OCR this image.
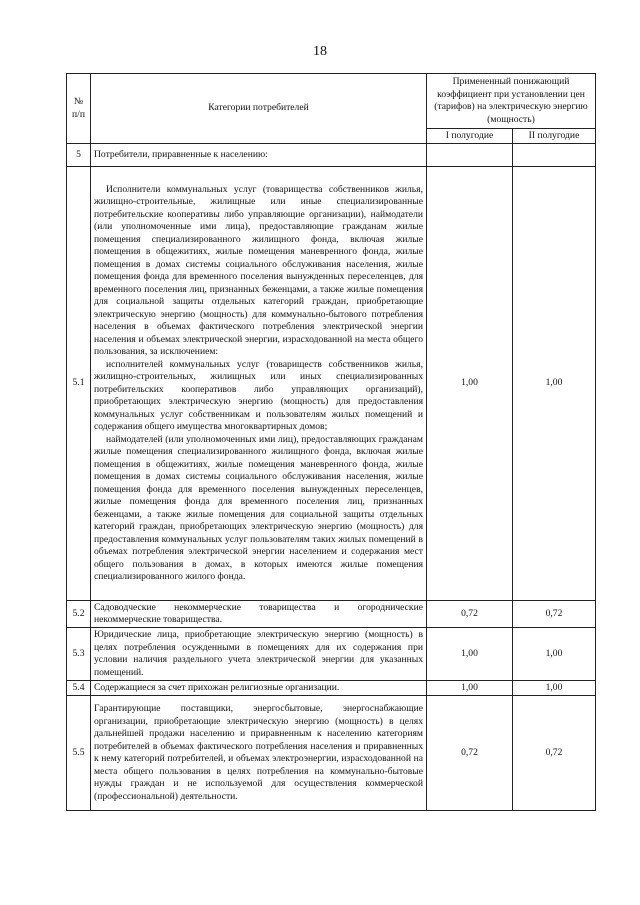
18
№ п/п	Категории потребителей	Примененный понижающий коэффициент при установлении цен (тарифов) на электрическую энергию (мощность)	
		I полугодие	II полугодие
5	Потребители, приравненные к населению:		
5.1	Исполнители коммунальных услуг (товарищества собственников жилья, жилищно-строительные, жилищные или иные специализированные потребительские кооперативы либо управляющие организации), наймодатели (или уполномоченные ими лица), предоставляющие гражданам жилые помещения специализированного жилищного фонда, включая жилые помещения в общежитиях, жилые помещения маневренного фонда, жилые помещения в домах системы социального обслуживания населения, жилые помещения фонда для временного поселения вынужденных переселенцев, для временного поселения лиц, признанных беженцами, а также жилые помещения для социальной защиты отдельных категорий граждан, приобретающие электрическую энергию (мощность) для коммунально-бытового потребления населения в объемах фактического потребления электрической энергии населения и объемах электрической энергии, израсходованной на места общего пользования, за исключением:

исполнителей коммунальных услуг (товариществ собственников жилья, жилищно-строительных, жилищных или иных специализированных потребительских кооперативов либо управляющих организаций), приобретающих электрическую энергию (мощность) для предоставления коммунальных услуг собственникам и пользователям жилых помещений и содержания общего имущества многоквартирных домов;

наймодателей (или уполномоченных ими лиц), предоставляющих гражданам жилые помещения специализированного жилищного фонда, включая жилые помещения в общежитиях, жилые помещения маневренного фонда, жилые помещения в домах системы социального обслуживания населения, жилые помещения фонда для временного поселения вынужденных переселенцев, жилые помещения фонда для временного поселения лиц, признанных беженцами, а также жилые помещения для социальной защиты отдельных категорий граждан, приобретающих электрическую энергию (мощность) для предоставления коммунальных услуг пользователям таких жилых помещений в объемах потребления электрической энергии населением и содержания мест общего пользования в домах, в которых имеются жилые помещения специализированного жилого фонда.	1,00	1,00
5.2	Садоводческие некоммерческие товарищества и огороднические некоммерческие товарищества.	0,72	0,72
5.3	Юридические лица, приобретающие электрическую энергию (мощность) в целях потребления осужденными в помещениях для их содержания при условии наличия раздельного учета электрической энергии для указанных помещений.	1,00	1,00
5.4	Содержащиеся за счет прихожан религиозные организации.	1,00	1,00
5.5	Гарантирующие поставщики, энергосбытовые, энергоснабжающие организации, приобретающие электрическую энергию (мощность) в целях дальнейшей продажи населению и приравненным к населению категориям потребителей в объемах фактического потребления населения и приравненных к нему категорий потребителей, и объемах электроэнергии, израсходованной на места общего пользования в целях потребления на коммунально-бытовые нужды граждан и не используемой для осуществления коммерческой (профессиональной) деятельности.	0,72	0,72
